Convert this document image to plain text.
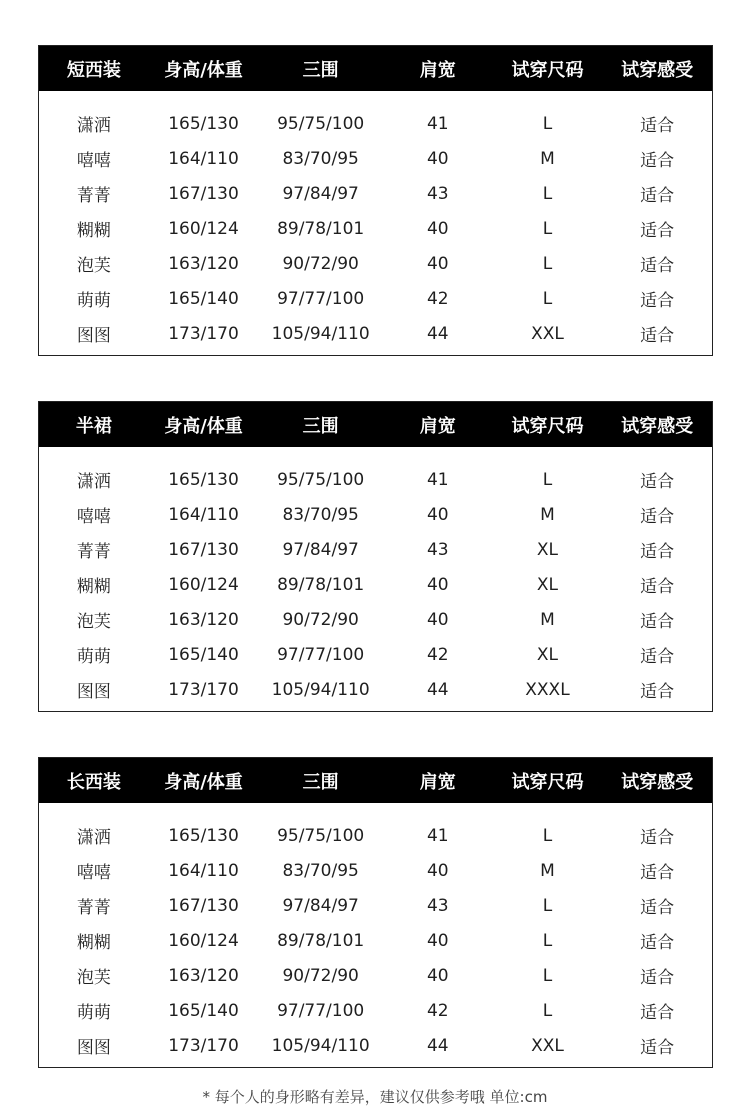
短西装	身高/体重	三围	肩宽	试穿尺码	试穿感受
潇洒	165/130	95/75/100	41	L	适合
嘻嘻	164/110	83/70/95	40	M	适合
菁菁	167/130	97/84/97	43	L	适合
糊糊	160/124	89/78/101	40	L	适合
泡芙	163/120	90/72/90	40	L	适合
萌萌	165/140	97/77/100	42	L	适合
图图	173/170	105/94/110	44	XXL	适合
半裙	身高/体重	三围	肩宽	试穿尺码	试穿感受
潇洒	165/130	95/75/100	41	L	适合
嘻嘻	164/110	83/70/95	40	M	适合
菁菁	167/130	97/84/97	43	XL	适合
糊糊	160/124	89/78/101	40	XL	适合
泡芙	163/120	90/72/90	40	M	适合
萌萌	165/140	97/77/100	42	XL	适合
图图	173/170	105/94/110	44	XXXL	适合
长西装	身高/体重	三围	肩宽	试穿尺码	试穿感受
潇洒	165/130	95/75/100	41	L	适合
嘻嘻	164/110	83/70/95	40	M	适合
菁菁	167/130	97/84/97	43	L	适合
糊糊	160/124	89/78/101	40	L	适合
泡芙	163/120	90/72/90	40	L	适合
萌萌	165/140	97/77/100	42	L	适合
图图	173/170	105/94/110	44	XXL	适合
* 每个人的身形略有差异，建议仅供参考哦 单位:cm
